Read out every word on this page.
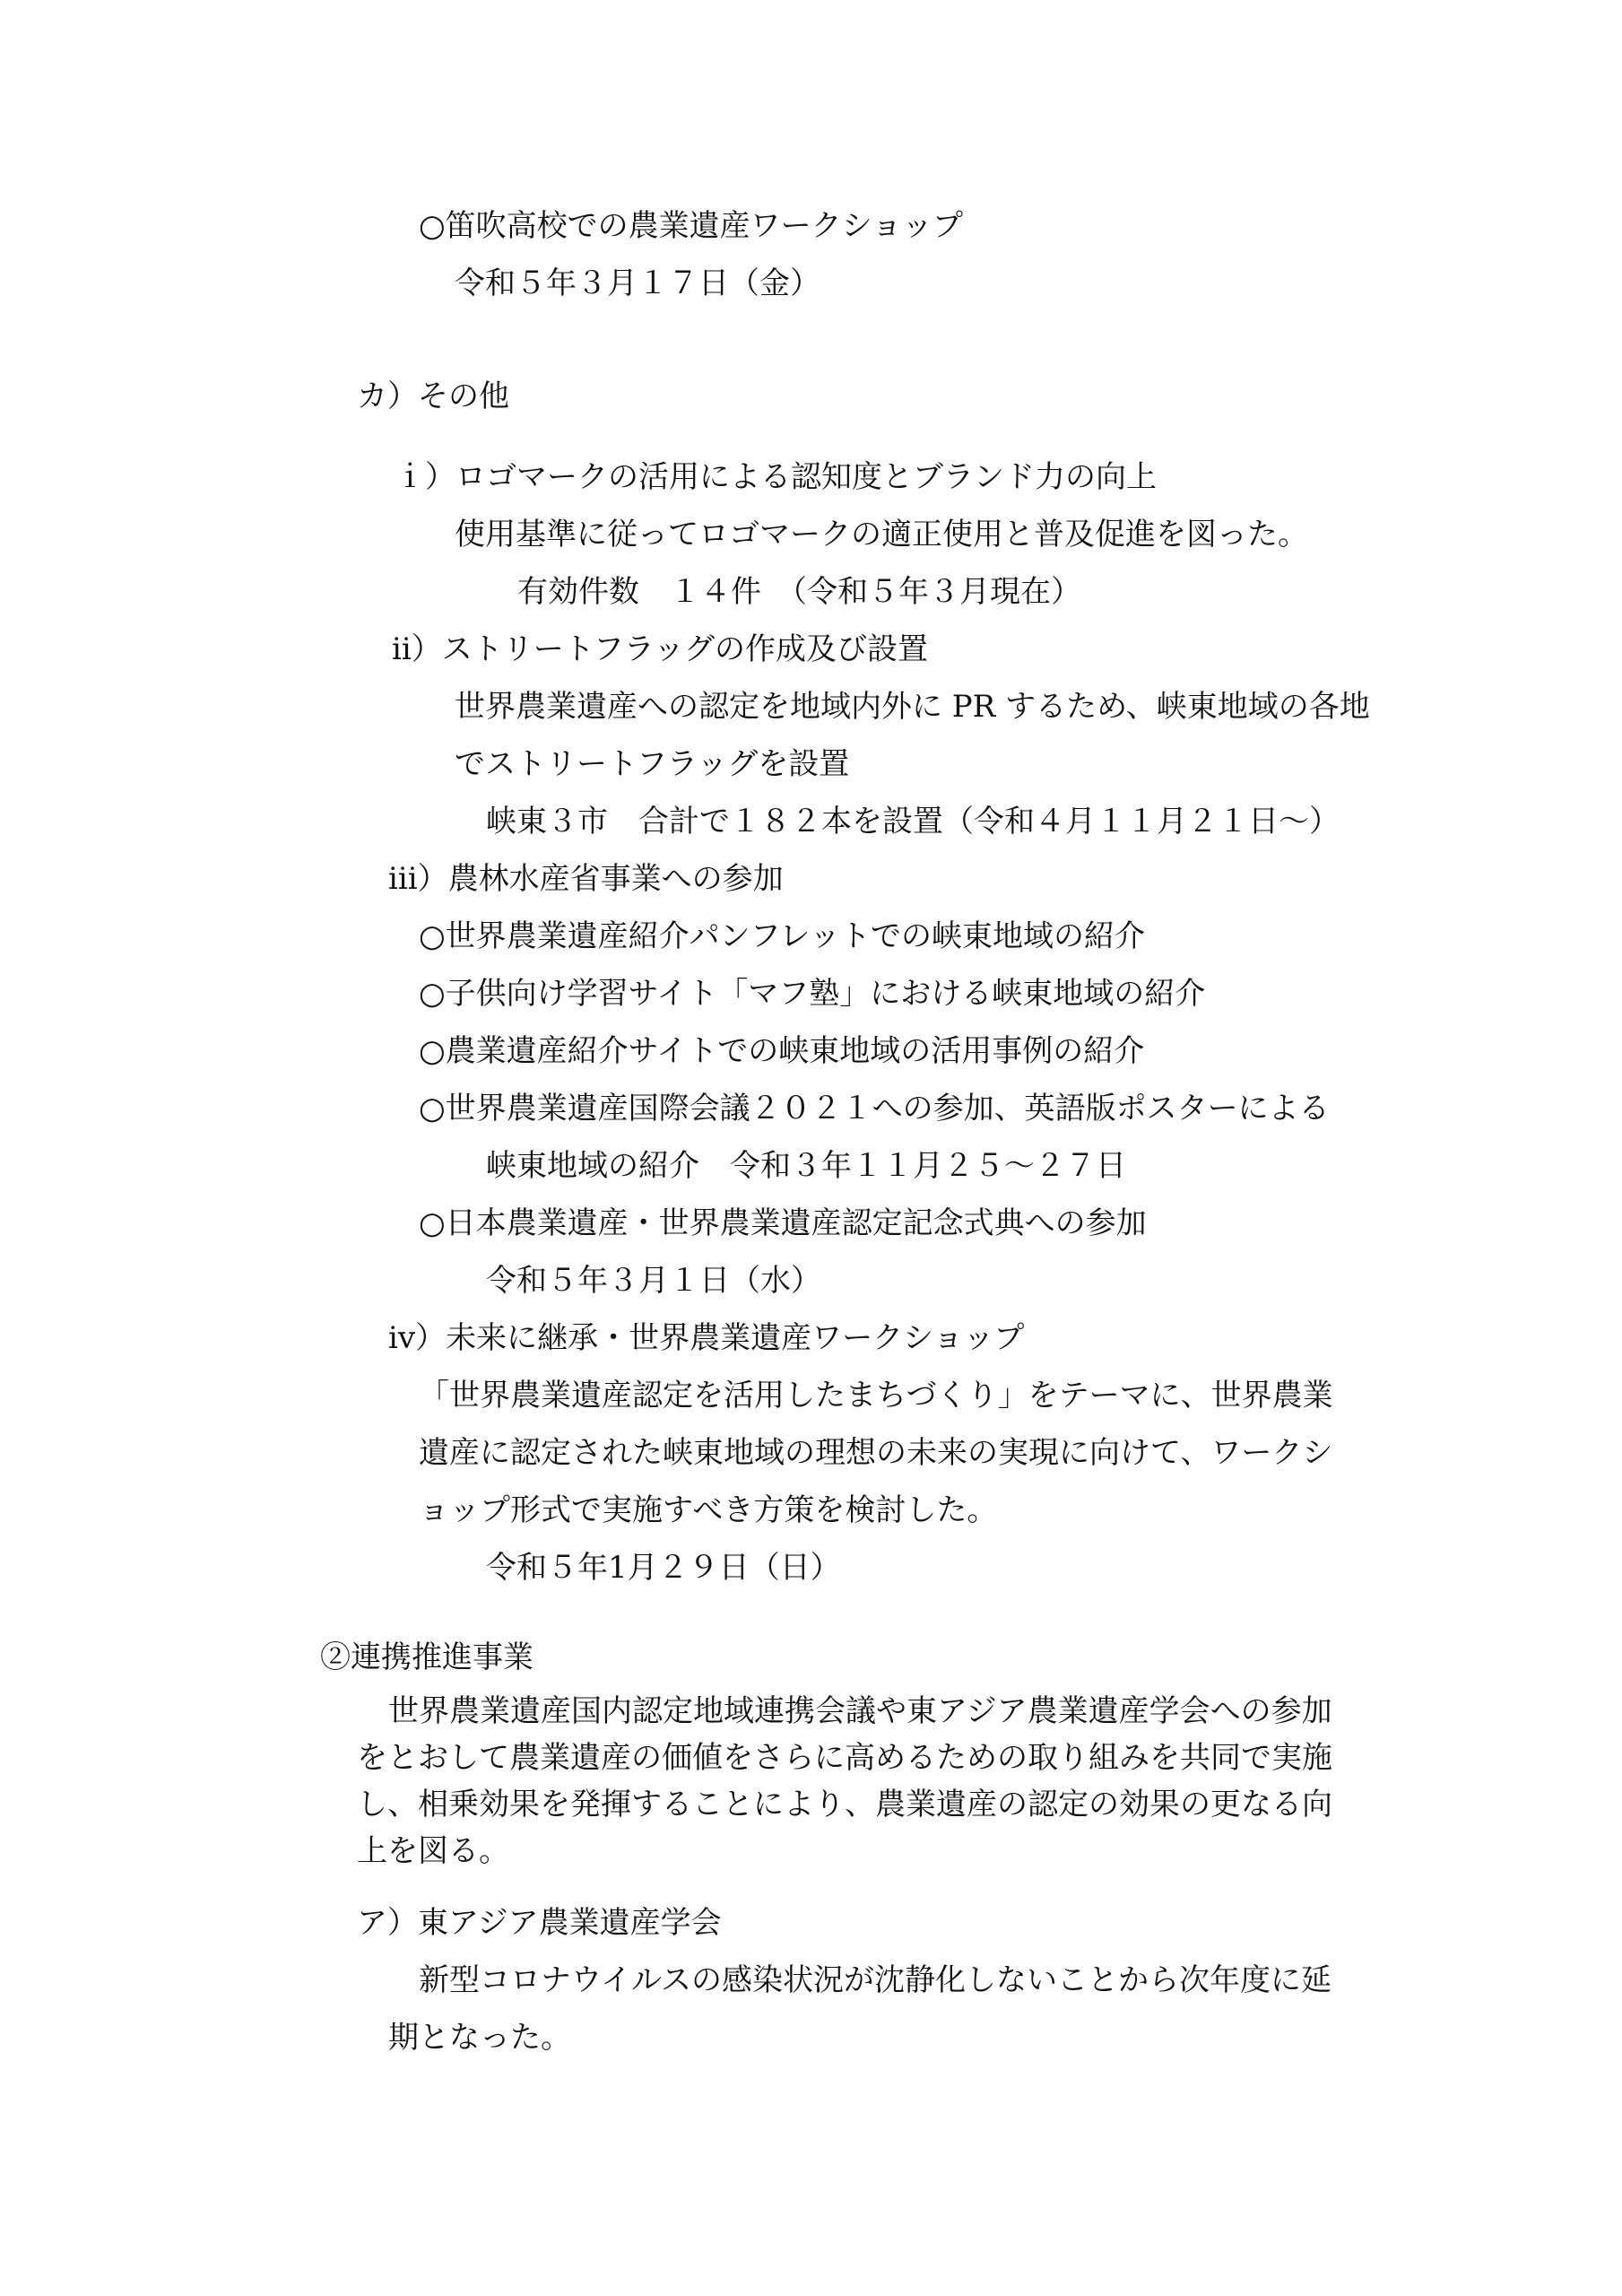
○笛吹高校での農業遺産ワークショップ
令和５年３月１７日（金）
カ）その他
ｉ）ロゴマークの活用による認知度とブランド力の向上
使用基準に従ってロゴマークの適正使用と普及促進を図った。
有効件数　１４件　（令和５年３月現在）
ii）ストリートフラッグの作成及び設置
世界農業遺産への認定を地域内外に PR するため、峡東地域の各地
でストリートフラッグを設置
峡東３市　合計で１８２本を設置（令和４月１１月２１日～）
iii）農林水産省事業への参加
○世界農業遺産紹介パンフレットでの峡東地域の紹介
○子供向け学習サイト「マフ塾」における峡東地域の紹介
○農業遺産紹介サイトでの峡東地域の活用事例の紹介
○世界農業遺産国際会議２０２１への参加、英語版ポスターによる
峡東地域の紹介　令和３年１１月２５～２７日
○日本農業遺産・世界農業遺産認定記念式典への参加
令和５年３月１日（水）
iv）未来に継承・世界農業遺産ワークショップ
「世界農業遺産認定を活用したまちづくり」をテーマに、世界農業
遺産に認定された峡東地域の理想の未来の実現に向けて、ワークシ
ョップ形式で実施すべき方策を検討した。
令和５年1月２９日（日）
②連携推進事業
世界農業遺産国内認定地域連携会議や東アジア農業遺産学会への参加
をとおして農業遺産の価値をさらに高めるための取り組みを共同で実施
し、相乗効果を発揮することにより、農業遺産の認定の効果の更なる向
上を図る。
ア）東アジア農業遺産学会
新型コロナウイルスの感染状況が沈静化しないことから次年度に延
期となった。
